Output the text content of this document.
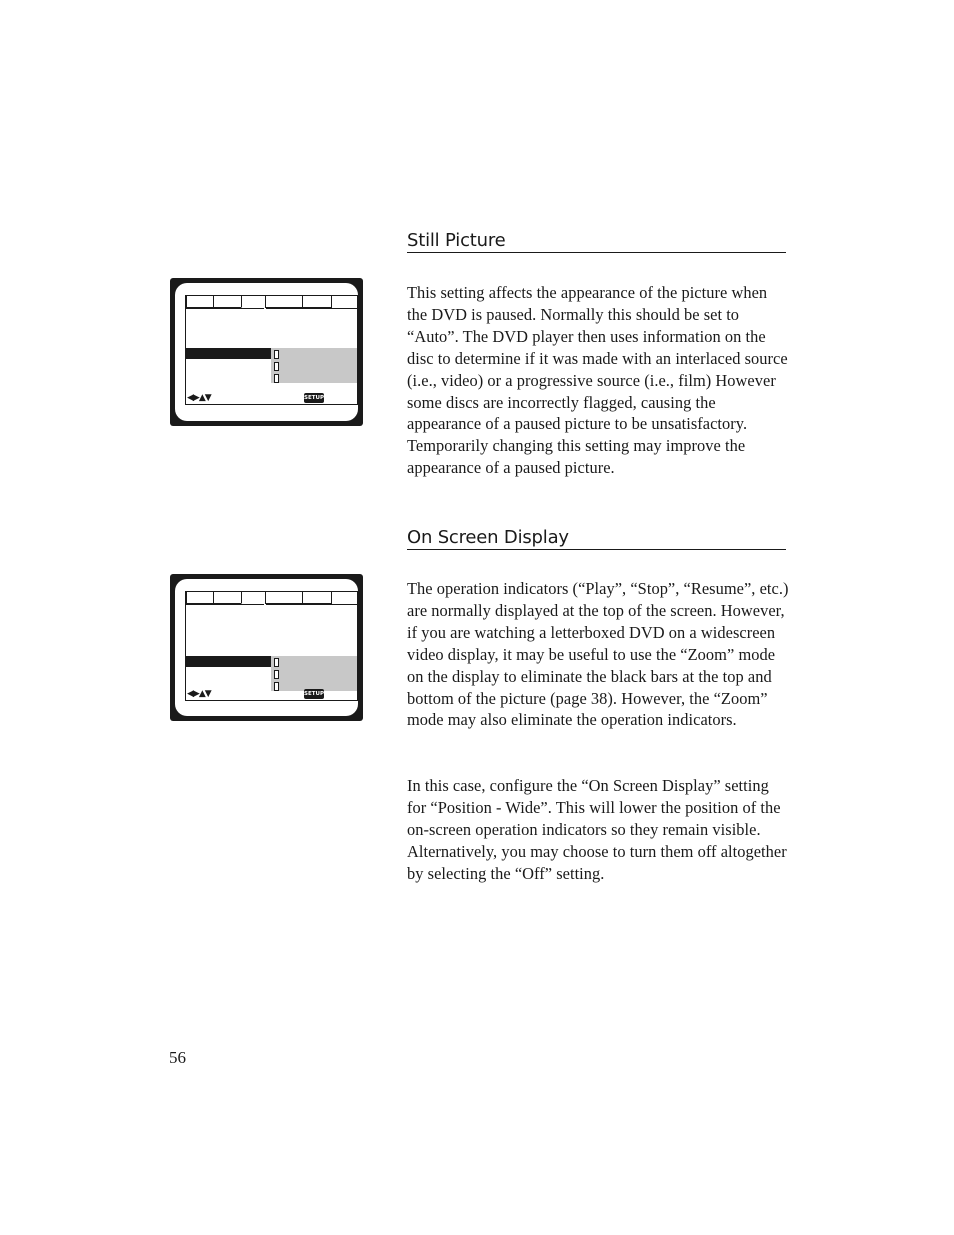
Still Picture
◀▶▲▼	SETUP

This setting affects the appearance of the picture when the DVD is paused. Normally this should be set to “Auto”. The DVD player then uses information on the disc to determine if it was made with an interlaced source (i.e., video) or a progressive source (i.e., film) However some discs are incorrectly flagged, causing the appearance of a paused picture to be unsatisfactory. Temporarily changing this setting may improve the appearance of a paused picture.

On Screen Display
◀▶▲▼	SETUP

The operation indicators (“Play”, “Stop”, “Resume”, etc.) are normally displayed at the top of the screen. However, if you are watching a letterboxed DVD on a widescreen video display, it may be useful to use the “Zoom” mode on the display to eliminate the black bars at the top and bottom of the picture (page 38). However, the “Zoom” mode may also eliminate the operation indicators.

In this case, configure the “On Screen Display” setting for “Position - Wide”. This will lower the position of the on-screen operation indicators so they remain visible. Alternatively, you may choose to turn them off altogether by selecting the “Off” setting.

56
